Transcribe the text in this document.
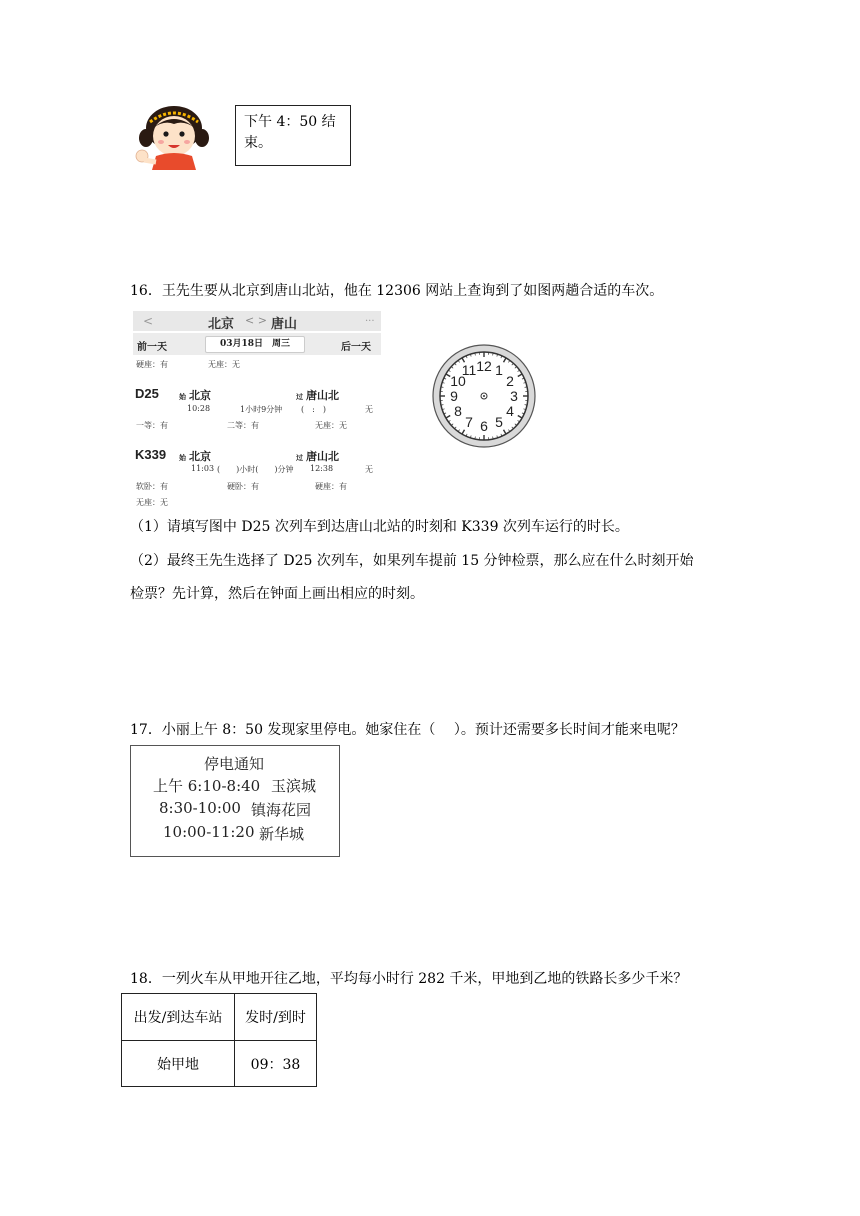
下午 4：50 结
束。
16．王先生要从北京到唐山北站，他在 12306 网站上查询到了如图两趟合适的车次。
<	北京 < > 唐山	...
前一天	03月18日　周三	后一天
硬座：有　　　　　无座：无
D25	始 北京	过 唐山北
10:28	1小时9分钟 (　:　)	无
一等：有	二等：有	无座：无
K339 始 北京	过 唐山北
11:03 (　　)小时(　　)分钟 12:38	无
软卧：有	硬卧：有	硬座：有
无座：无
12 1
2
3
4
5
6
7
8
9
10
11
（1）请填写图中 D25 次列车到达唐山北站的时刻和 K339 次列车运行的时长。
（2）最终王先生选择了 D25 次列车，如果列车提前 15 分钟检票，那么应在什么时刻开始
检票？先计算，然后在钟面上画出相应的时刻。
17．小丽上午 8：50 发现家里停电。她家住在（　 ）。预计还需要多长时间才能来电呢？
停电通知
上午 6:10-8:40 玉滨城
8:30-10:00 镇海花园
10:00-11:20 新华城
18．一列火车从甲地开往乙地，平均每小时行 282 千米，甲地到乙地的铁路长多少千米？
出发/到达车站	发时/到时
始甲地	09：38
